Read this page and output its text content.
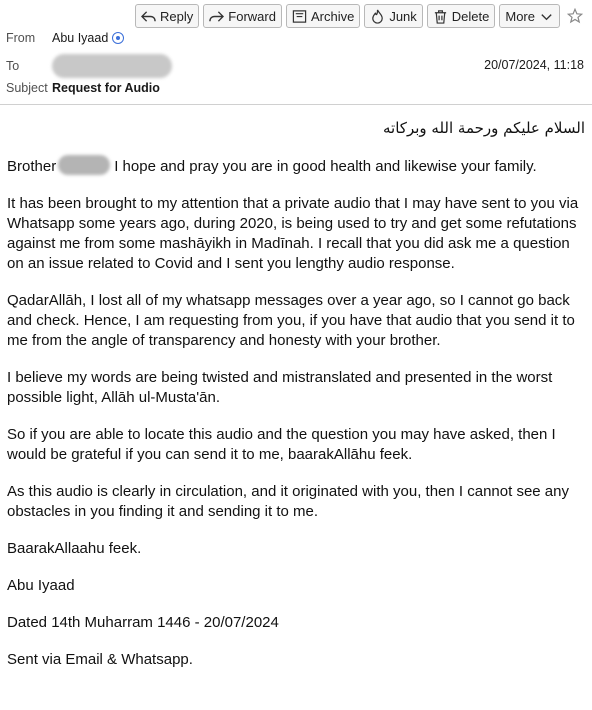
Reply	Forward	Archive	Junk	Delete More
From	Abu Iyaad
To	20/07/2024, 11:18
Subject Request for Audio
السلام عليكم ورحمة الله وبركاته
Brother	I hope and pray you are in good health and likewise your family.
It has been brought to my attention that a private audio that I may have sent to you via Whatsapp some years ago, during 2020, is being used to try and get some refutations against me from some mashāyikh in Madīnah. I recall that you did ask me a question on an issue related to Covid and I sent you lengthy audio response.
QadarAllāh, I lost all of my whatsapp messages over a year ago, so I cannot go back and check. Hence, I am requesting from you, if you have that audio that you send it to me from the angle of transparency and honesty with your brother.
I believe my words are being twisted and mistranslated and presented in the worst possible light, Allāh ul-Musta'ān.
So if you are able to locate this audio and the question you may have asked, then I would be grateful if you can send it to me, baarakAllāhu feek.
As this audio is clearly in circulation, and it originated with you, then I cannot see any obstacles in you finding it and sending it to me.
BaarakAllaahu feek.
Abu Iyaad
Dated 14th Muharram 1446 - 20/07/2024
Sent via Email & Whatsapp.
